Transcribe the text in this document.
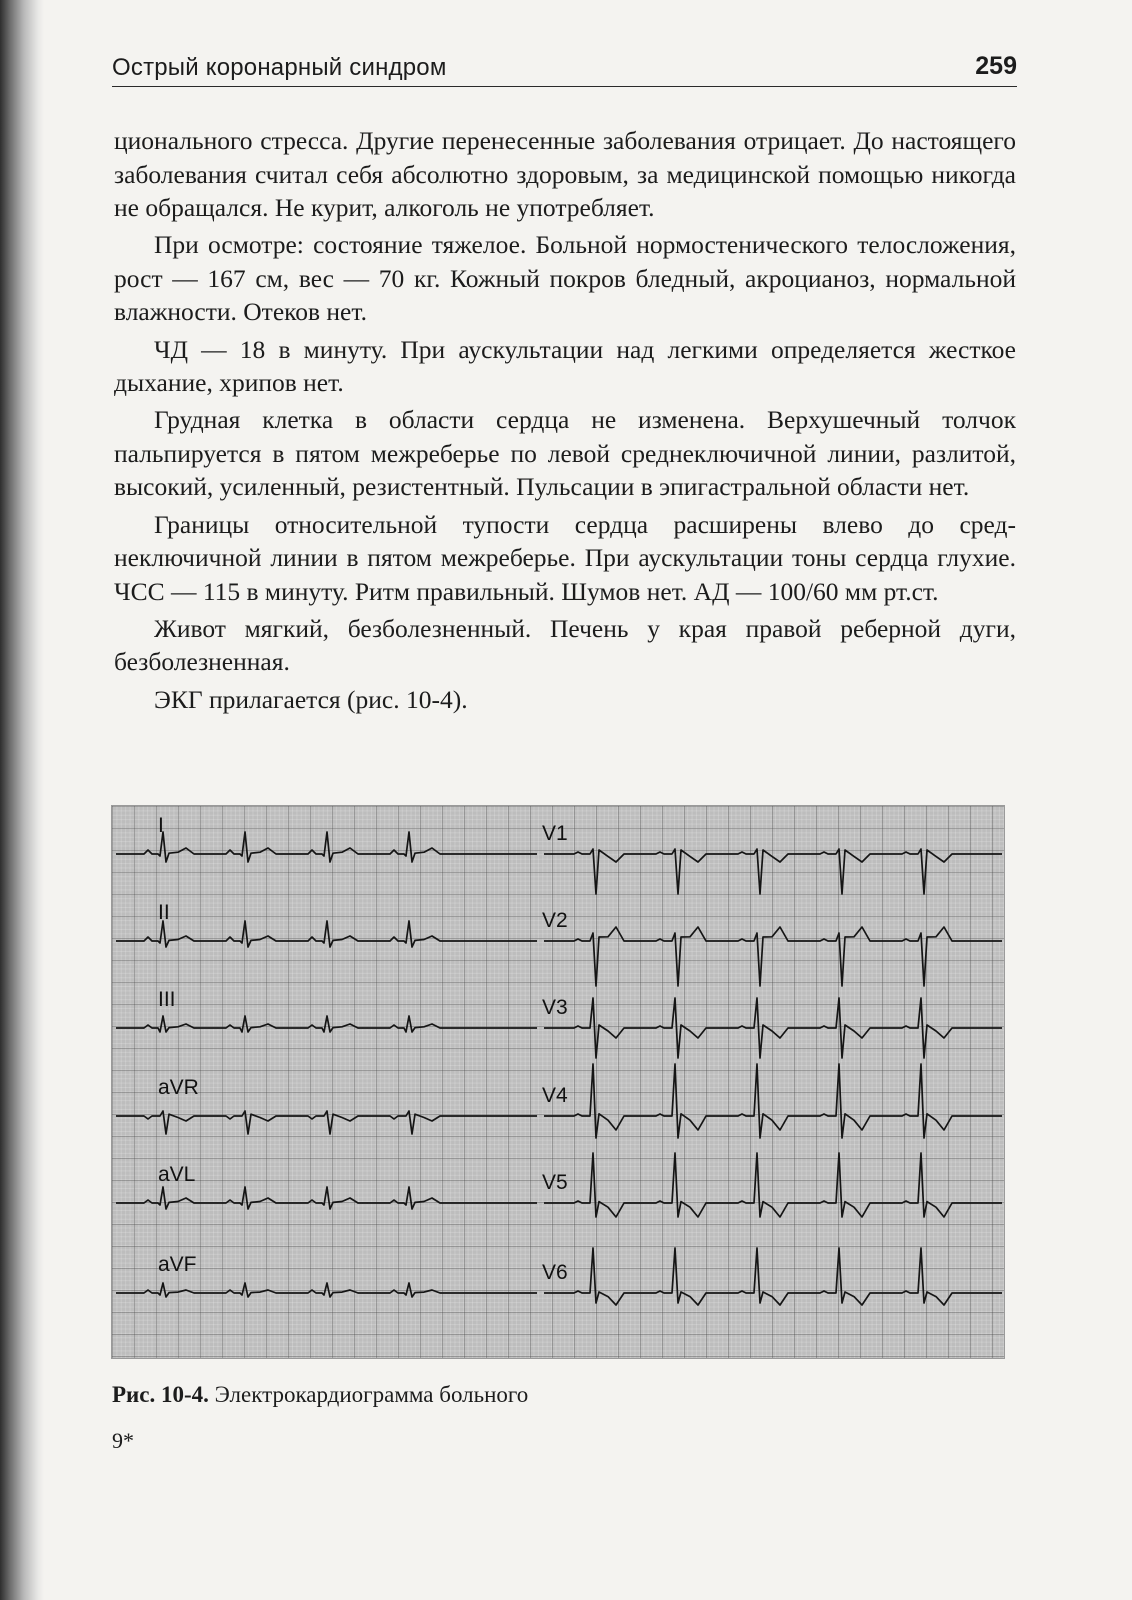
Острый коронарный синдром	259

ционального стресса. Другие перенесенные заболевания отрицает. До настоящего заболевания считал себя абсолютно здоровым, за медицинской помощью никогда не обращался. Не курит, алкоголь не употребляет.

При осмотре: состояние тяжелое. Больной нормостенического телосложения, рост — 167 см, вес — 70 кг. Кожный покров бледный, акроцианоз, нормальной влажности. Отеков нет.

ЧД — 18 в минуту. При аускультации над легкими определяется жесткое дыхание, хрипов нет.

Грудная клетка в области сердца не изменена. Верхушечный толчок пальпируется в пятом межреберье по левой среднеключичной линии, разлитой, высокий, усиленный, резистентный. Пульсации в эпигастральной области нет.

Границы относительной тупости сердца расширены влево до среднеключичной линии в пятом межреберье. При аускультации тоны сердца глухие. ЧСС — 115 в минуту. Ритм правильный. Шумов нет. АД — 100/60 мм рт.ст.

Живот мягкий, безболезненный. Печень у края правой реберной дуги, безболезненная.

ЭКГ прилагается (рис. 10-4).

I
II
III
aVR
aVL
aVF
V1
V2
V3
V4
V5
V6
Рис. 10-4. Электрокардиограмма больного
9*
